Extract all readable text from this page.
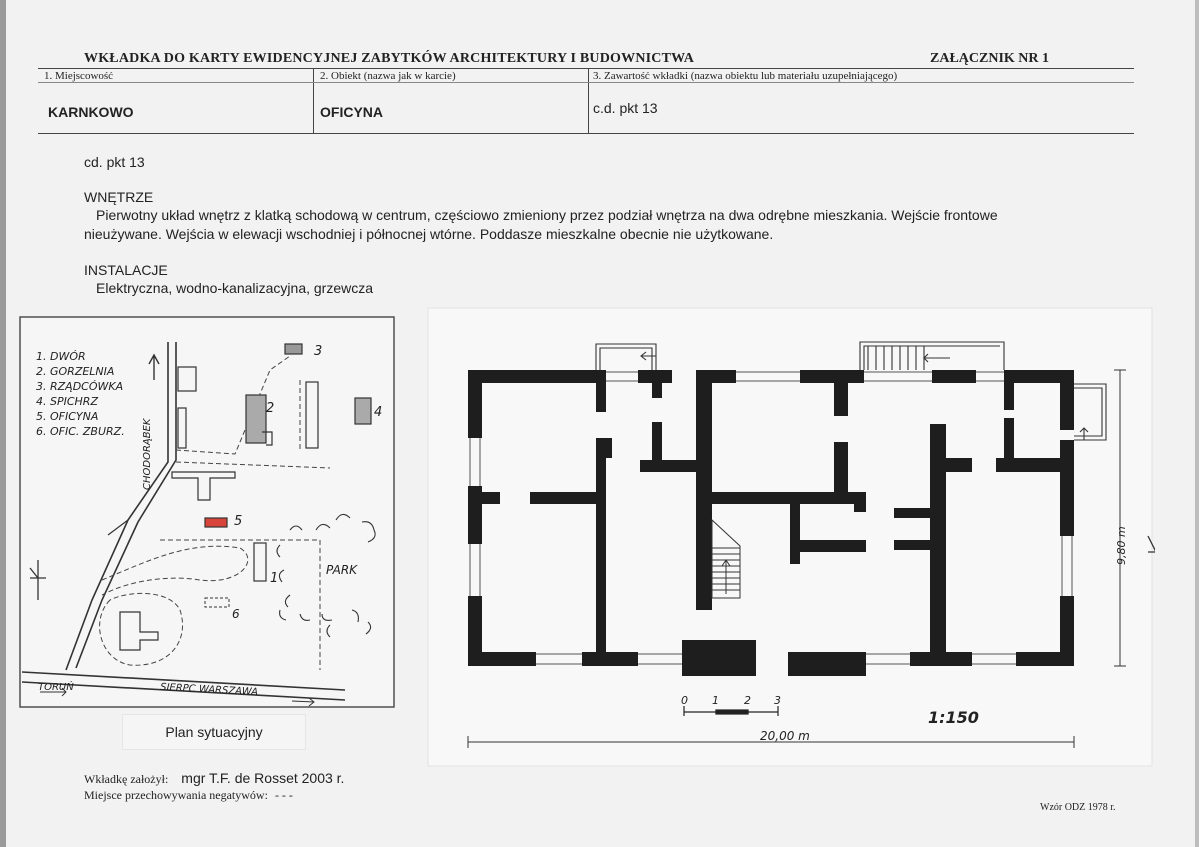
WKŁADKA DO KARTY EWIDENCYJNEJ ZABYTKÓW ARCHITEKTURY I BUDOWNICTWA	ZAŁĄCZNIK NR 1
1. Miejscowość	2. Obiekt (nazwa jak w karcie)	3. Zawartość wkładki (nazwa obiektu lub materiału uzupełniającego)
KARNKOWO	OFICYNA	c.d. pkt 13
cd. pkt 13
WNĘTRZE
Pierwotny układ wnętrz z klatką schodową w centrum, częściowo zmieniony przez podział wnętrza na dwa odrębne mieszkania. Wejście frontowe
nieużywane. Wejścia w elewacji wschodniej i północnej wtórne. Poddasze mieszkalne obecnie nie użytkowane.
INSTALACJE
Elektryczna, wodno-kanalizacyjna, grzewcza
1. DWÓR
2. GORZELNIA
3. RZĄDCÓWKA
4. SPICHRZ
5. OFICYNA
6. OFIC. ZBURZ. CHODORĄBEK
SIERPC WARSZAWA
TORUŃ
PARK
1
2
3
4
5
6
Plan sytuacyjny
0 1 2 3
1:150
20,00 m
9,80 m
Wkładkę założył: mgr T.F. de Rosset 2003 r.
Miejsce przechowywania negatywów: - - -
Wzór ODZ 1978 r.
